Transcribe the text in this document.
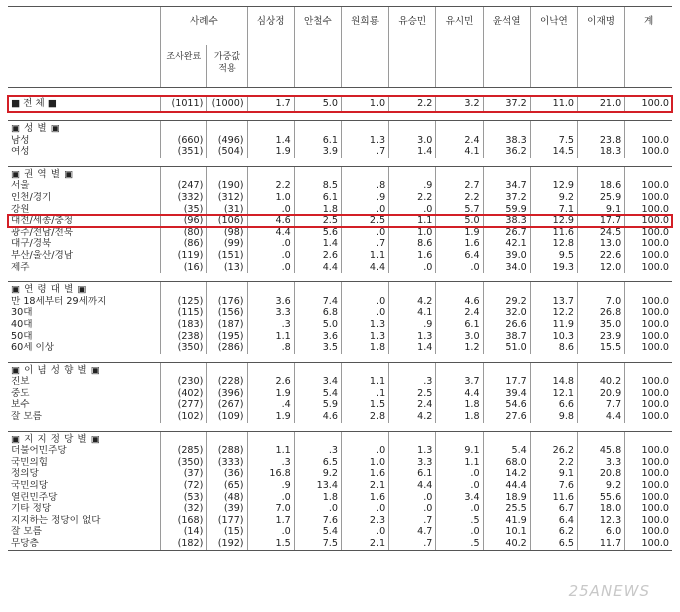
	사례수		심상정	안철수	원희룡	유승민	유시민	윤석열	이낙연	이재명	계
	조사완료	가중값
적용									

■ 전 체 ■	(1011)	(1000)	1.7	5.0	1.0	2.2	3.2	37.2	11.0	21.0	100.0

▣ 성 별 ▣											
남성	(660)	(496)	1.4	6.1	1.3	3.0	2.4	38.3	7.5	23.8	100.0
여성	(351)	(504)	1.9	3.9	.7	1.4	4.1	36.2	14.5	18.3	100.0

▣ 권 역 별 ▣											
서울	(247)	(190)	2.2	8.5	.8	.9	2.7	34.7	12.9	18.6	100.0
인천/경기	(332)	(312)	1.0	6.1	.9	2.2	2.2	37.2	9.2	25.9	100.0
강원	(35)	(31)	.0	1.8	.0	.0	5.7	59.9	7.1	9.1	100.0
대전/세종/충청	(96)	(106)	4.6	2.5	2.5	1.1	5.0	38.3	12.9	17.7	100.0
광주/전남/전북	(80)	(98)	4.4	5.6	.0	1.0	1.9	26.7	11.6	24.5	100.0
대구/경북	(86)	(99)	.0	1.4	.7	8.6	1.6	42.1	12.8	13.0	100.0
부산/울산/경남	(119)	(151)	.0	2.6	1.1	1.6	6.4	39.0	9.5	22.6	100.0
제주	(16)	(13)	.0	4.4	4.4	.0	.0	34.0	19.3	12.0	100.0

▣ 연 령 대 별 ▣											
만 18세부터 29세까지	(125)	(176)	3.6	7.4	.0	4.2	4.6	29.2	13.7	7.0	100.0
30대	(115)	(156)	3.3	6.8	.0	4.1	2.4	32.0	12.2	26.8	100.0
40대	(183)	(187)	.3	5.0	1.3	.9	6.1	26.6	11.9	35.0	100.0
50대	(238)	(195)	1.1	3.6	1.3	1.3	3.0	38.7	10.3	23.9	100.0
60세 이상	(350)	(286)	.8	3.5	1.8	1.4	1.2	51.0	8.6	15.5	100.0

▣ 이 념 성 향 별 ▣											
진보	(230)	(228)	2.6	3.4	1.1	.3	3.7	17.7	14.8	40.2	100.0
중도	(402)	(396)	1.9	5.4	.1	2.5	4.4	39.4	12.1	20.9	100.0
보수	(277)	(267)	.4	5.9	1.5	2.4	1.8	54.6	6.6	7.7	100.0
잘 모름	(102)	(109)	1.9	4.6	2.8	4.2	1.8	27.6	9.8	4.4	100.0

▣ 지 지 정 당 별 ▣											
더불어민주당	(285)	(288)	1.1	.3	.0	1.3	9.1	5.4	26.2	45.8	100.0
국민의힘	(350)	(333)	.3	6.5	1.0	3.3	1.1	68.0	2.2	3.3	100.0
정의당	(37)	(36)	16.8	9.2	1.6	6.1	.0	14.2	9.1	20.8	100.0
국민의당	(72)	(65)	.9	13.4	2.1	4.4	.0	44.4	7.6	9.2	100.0
열린민주당	(53)	(48)	.0	1.8	1.6	.0	3.4	18.9	11.6	55.6	100.0
기타 정당	(32)	(39)	7.0	.0	.0	.0	.0	25.5	6.7	18.0	100.0
지지하는 정당이 없다	(168)	(177)	1.7	7.6	2.3	.7	.5	41.9	6.4	12.3	100.0
잘 모름	(14)	(15)	.0	5.4	.0	4.7	.0	10.1	6.2	6.0	100.0
무당층	(182)	(192)	1.5	7.5	2.1	.7	.5	40.2	6.5	11.7	100.0
25ANEWS
